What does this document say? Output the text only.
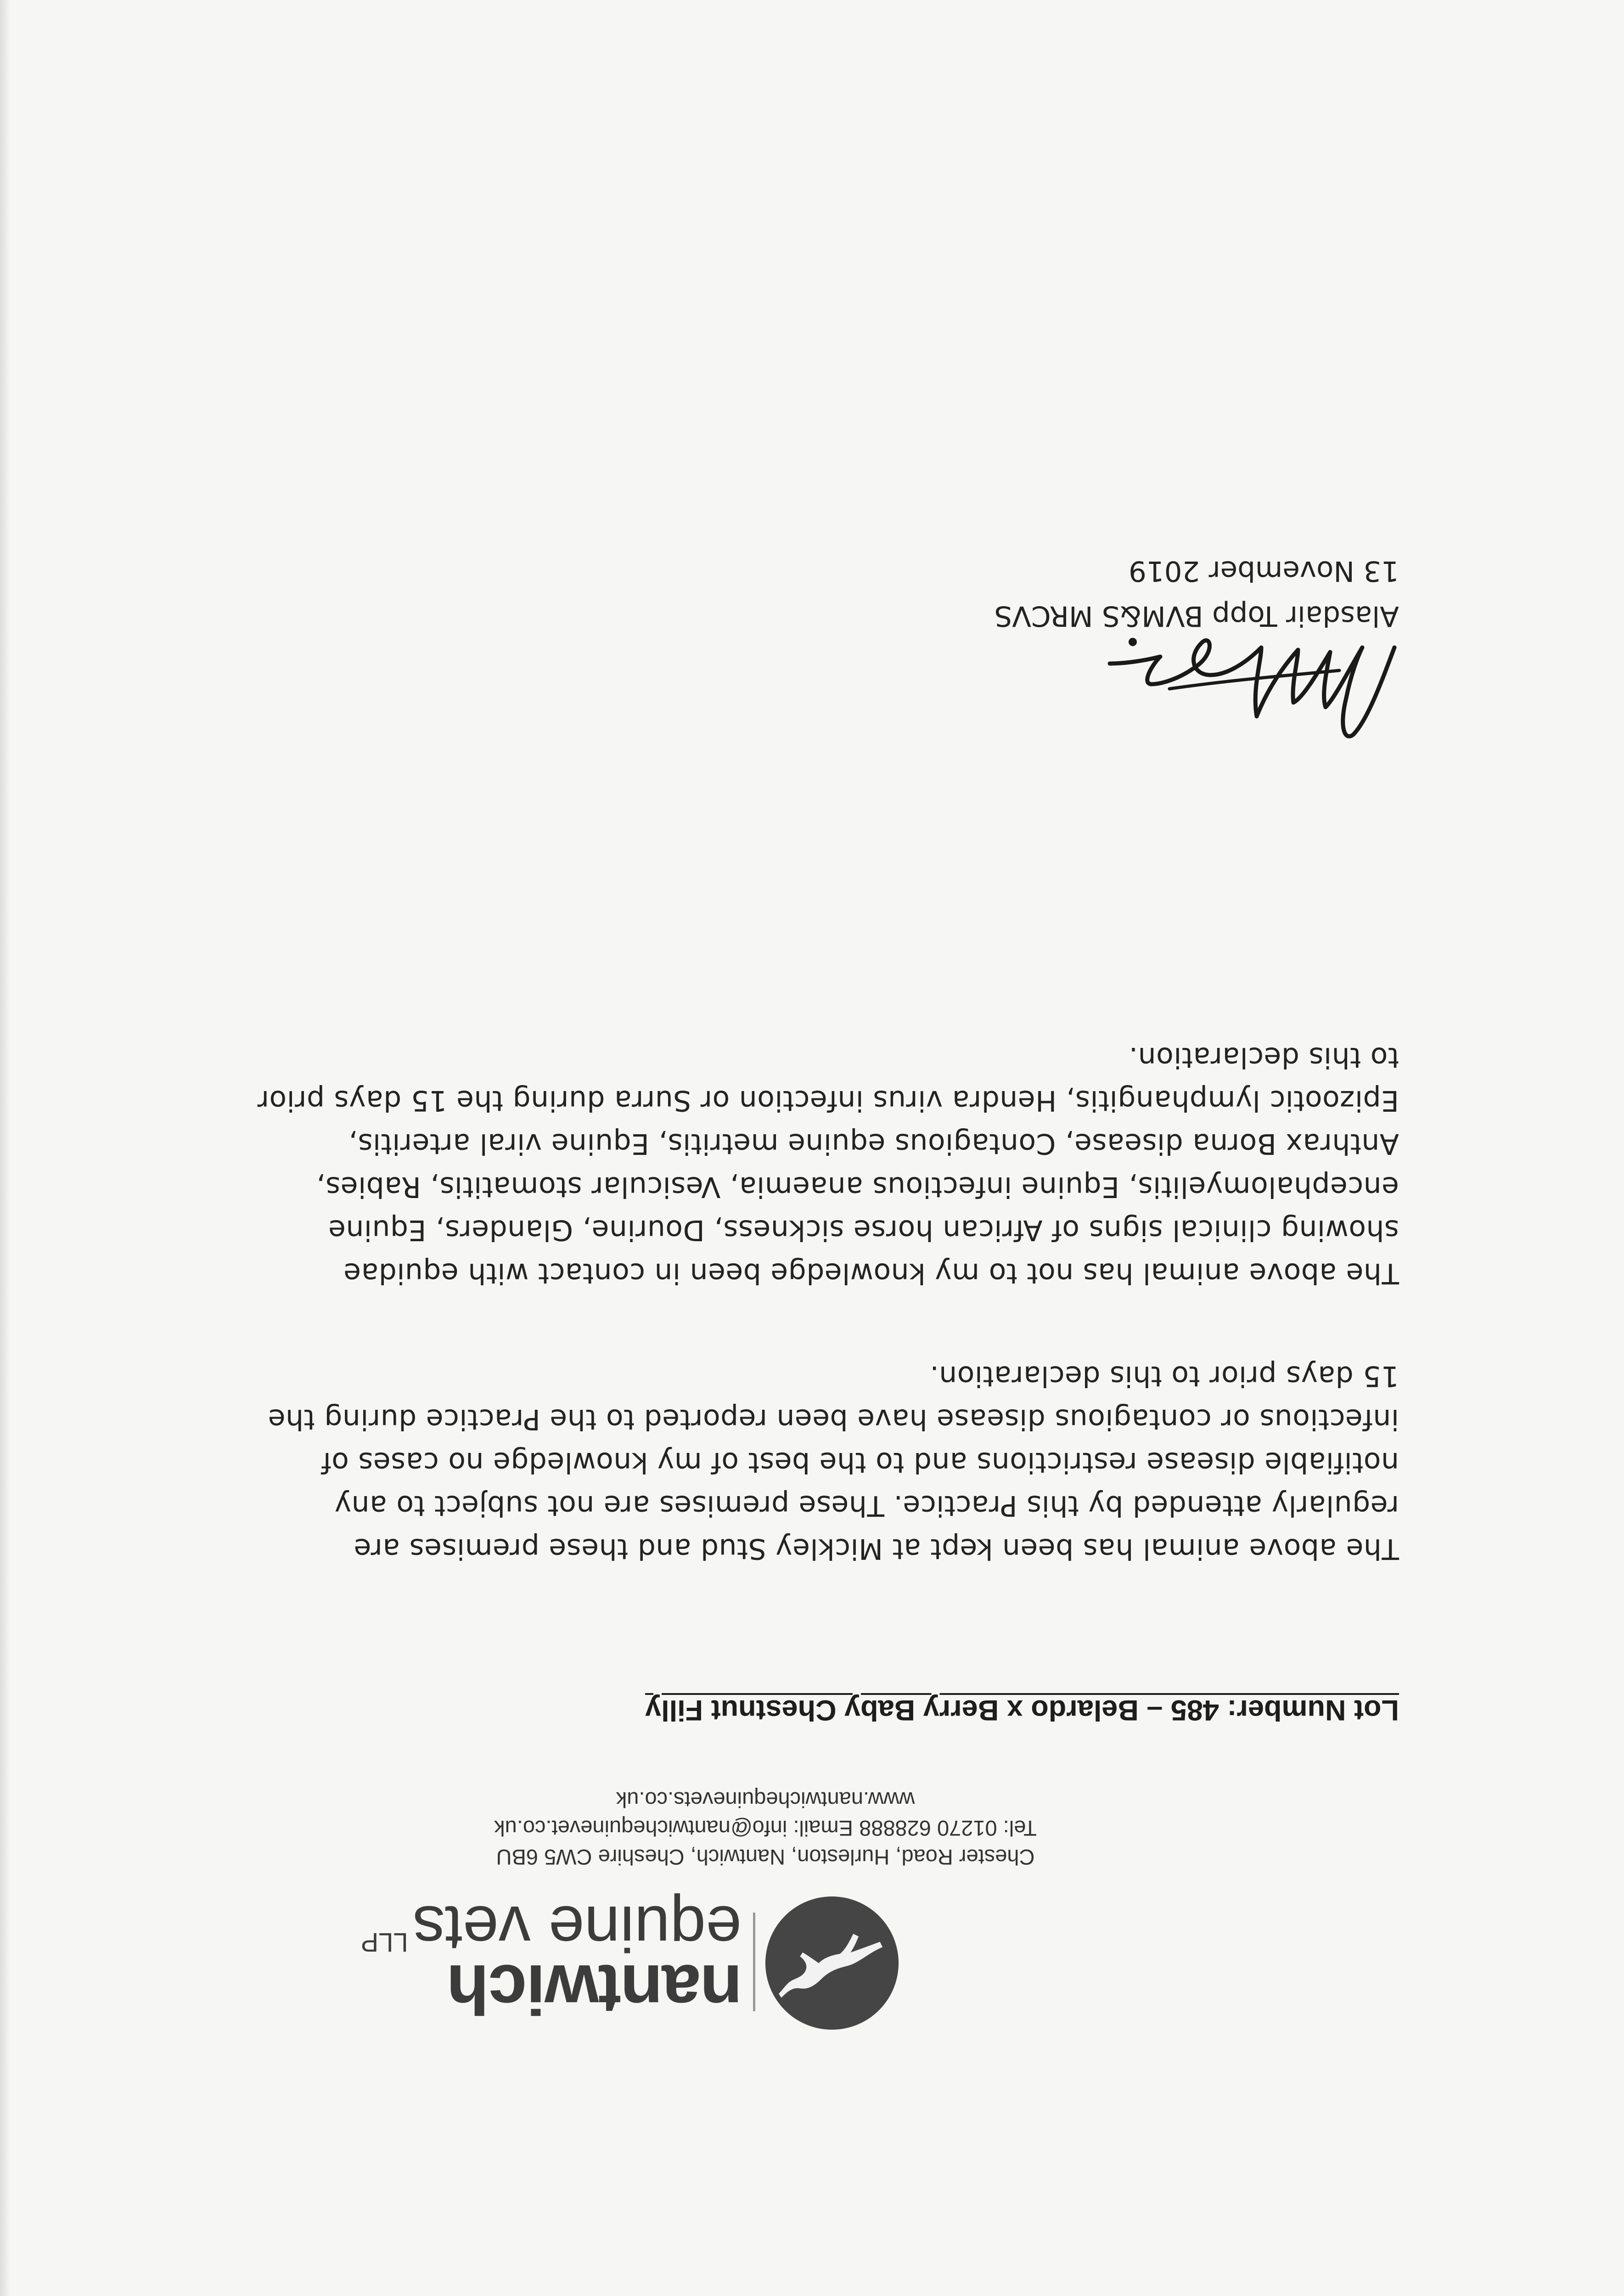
nantwich
equine vets$^{LLP}$
Chester Road, Hurleston, Nantwich, Cheshire CW5 6BU
Tel: 01270 628888 Email: info@nantwichequinevet.co.uk
www.nantwichequinevets.co.uk
Lot Number: 485 – Belardo x Berry Baby Chestnut Filly

The above animal has been kept at Mickley Stud and these premises are

regularly attended by this Practice. These premises are not subject to any

notifiable disease restrictions and to the best of my knowledge no cases of

infectious or contagious disease have been reported to the Practice during the

15 days prior to this declaration.

The above animal has not to my knowledge been in contact with equidae

showing clinical signs of African horse sickness, Dourine, Glanders, Equine

encephalomyelitis, Equine infectious anaemia, Vesicular stomatitis, Rabies,

Anthrax Borna disease, Contagious equine metritis, Equine viral arteritis,

Epizootic lymphangitis, Hendra virus infection or Surra during the 15 days prior

to this declaration.

Alasdair Topp BVM&S MRCVS
13 November 2019
